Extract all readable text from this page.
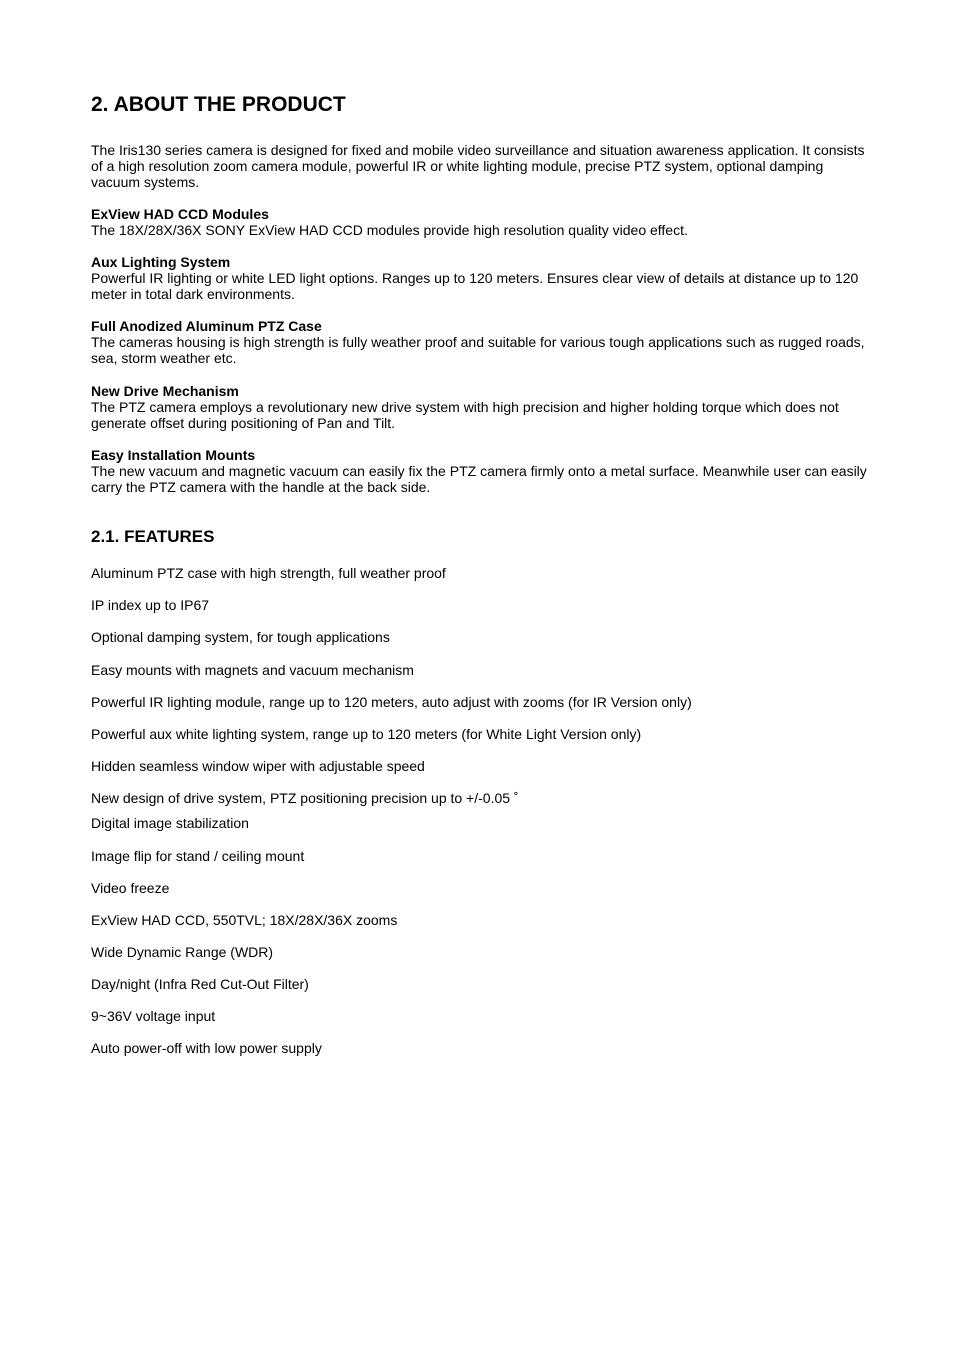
2. ABOUT THE PRODUCT

The Iris130 series camera is designed for fixed and mobile video surveillance and situation awareness application. It consists of a high resolution zoom camera module, powerful IR or white lighting module, precise PTZ system, optional damping vacuum systems.

ExView HAD CCD Modules
The 18X/28X/36X SONY ExView HAD CCD modules provide high resolution quality video effect.

Aux Lighting System
Powerful IR lighting or white LED light options. Ranges up to 120 meters. Ensures clear view of details at distance up to 120 meter in total dark environments.

Full Anodized Aluminum PTZ Case
The cameras housing is high strength is fully weather proof and suitable for various tough applications such as rugged roads, sea, storm weather etc.

New Drive Mechanism
The PTZ camera employs a revolutionary new drive system with high precision and higher holding torque which does not generate offset during positioning of Pan and Tilt.

Easy Installation Mounts
The new vacuum and magnetic vacuum can easily fix the PTZ camera firmly onto a metal surface. Meanwhile user can easily carry the PTZ camera with the handle at the back side.

2.1. FEATURES

Aluminum PTZ case with high strength, full weather proof

IP index up to IP67

Optional damping system, for tough applications

Easy mounts with magnets and vacuum mechanism

Powerful IR lighting module, range up to 120 meters, auto adjust with zooms (for IR Version only)

Powerful aux white lighting system, range up to 120 meters (for White Light Version only)

Hidden seamless window wiper with adjustable speed

New design of drive system, PTZ positioning precision up to +/-0.05 ˚

Digital image stabilization

Image flip for stand / ceiling mount

Video freeze

ExView HAD CCD, 550TVL; 18X/28X/36X zooms

Wide Dynamic Range (WDR)

Day/night (Infra Red Cut-Out Filter)

9~36V voltage input

Auto power-off with low power supply
